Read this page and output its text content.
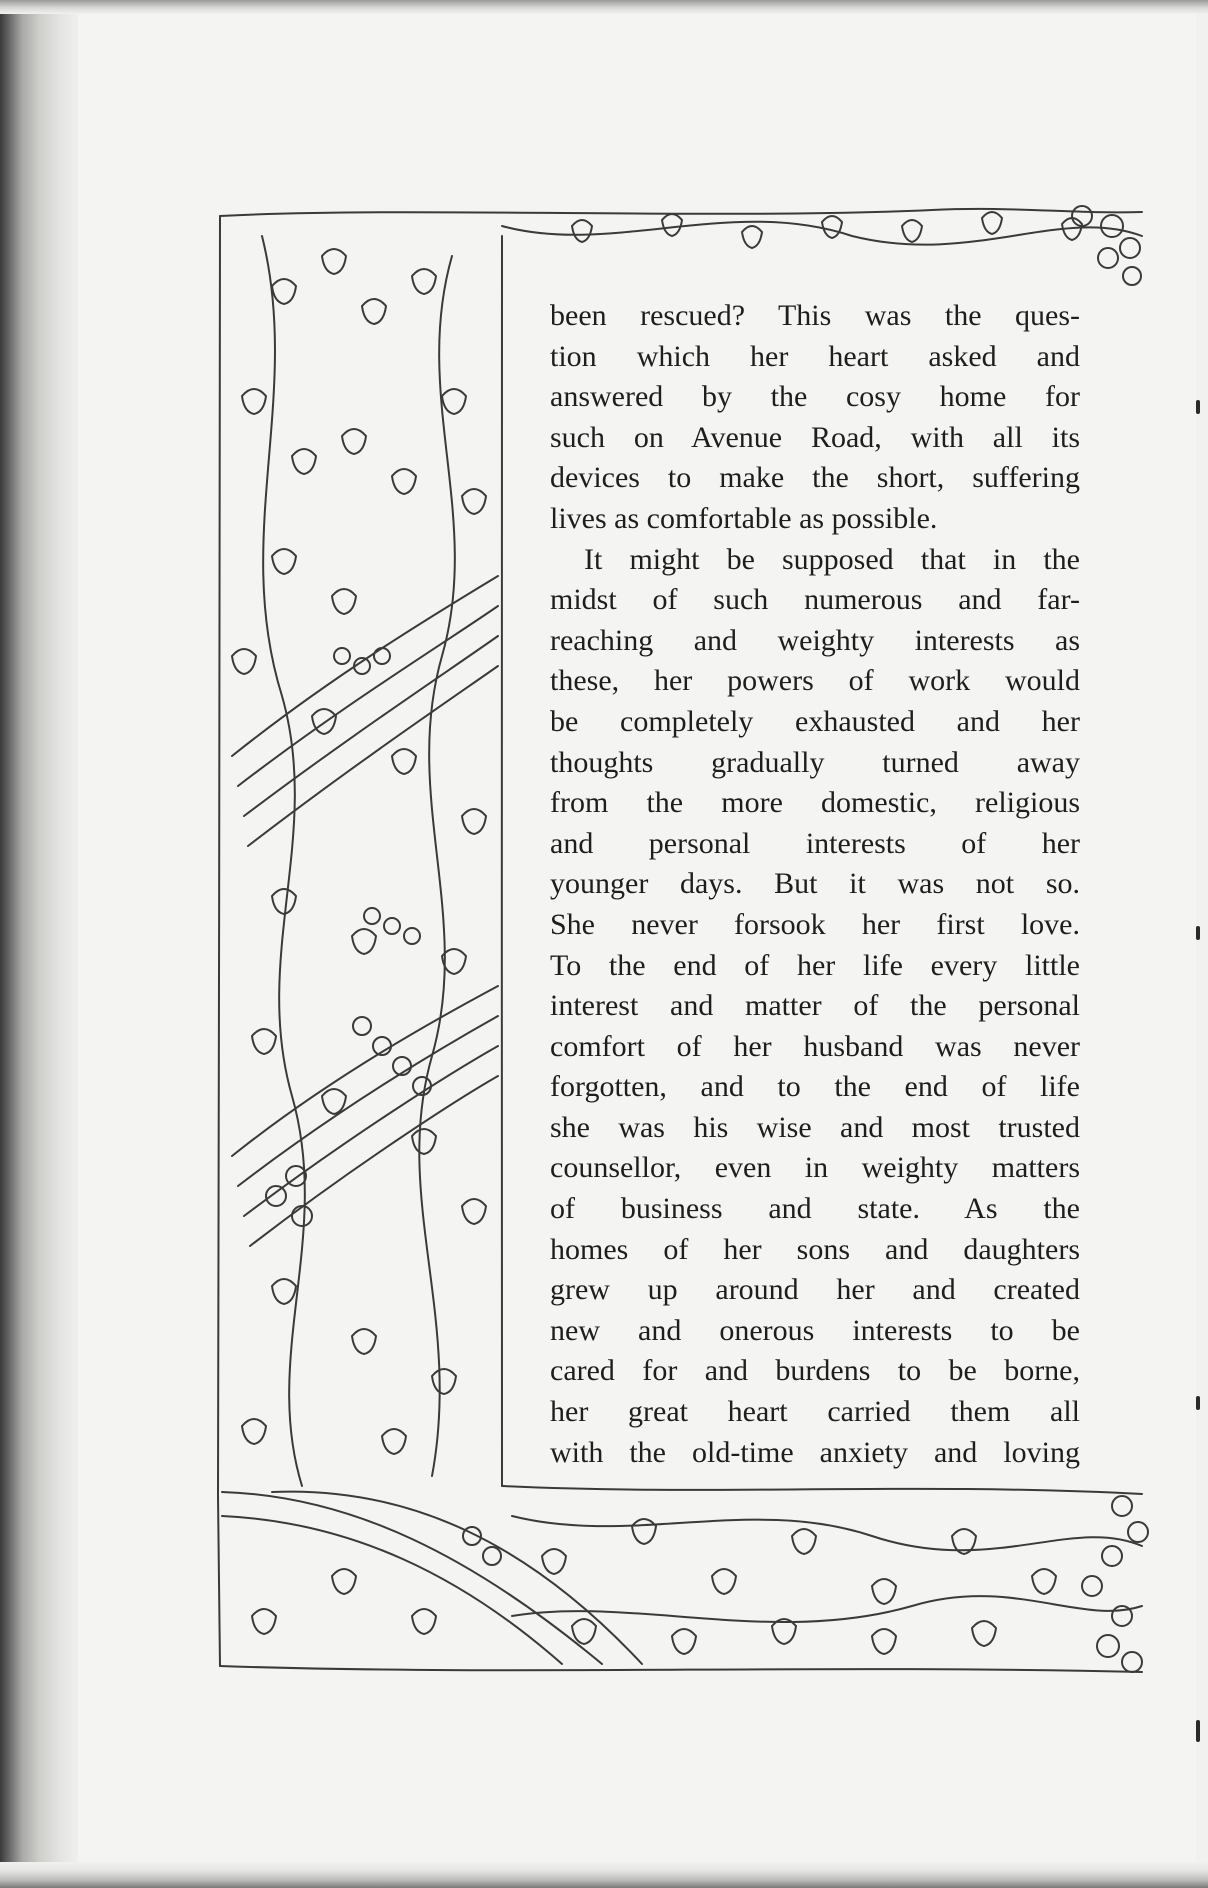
been rescued? This was the ques-
tion which her heart asked and
answered by the cosy home for
such on Avenue Road, with all its
devices to make the short, suffering
lives as comfortable as possible.

It might be supposed that in the
midst of such numerous and far-
reaching and weighty interests as
these, her powers of work would
be completely exhausted and her
thoughts gradually turned away
from the more domestic, religious
and personal interests of her
younger days. But it was not so.
She never forsook her first love.
To the end of her life every little
interest and matter of the personal
comfort of her husband was never
forgotten, and to the end of life
she was his wise and most trusted
counsellor, even in weighty matters
of business and state. As the
homes of her sons and daughters
grew up around her and created
new and onerous interests to be
cared for and burdens to be borne,
her great heart carried them all
with the old-time anxiety and loving
